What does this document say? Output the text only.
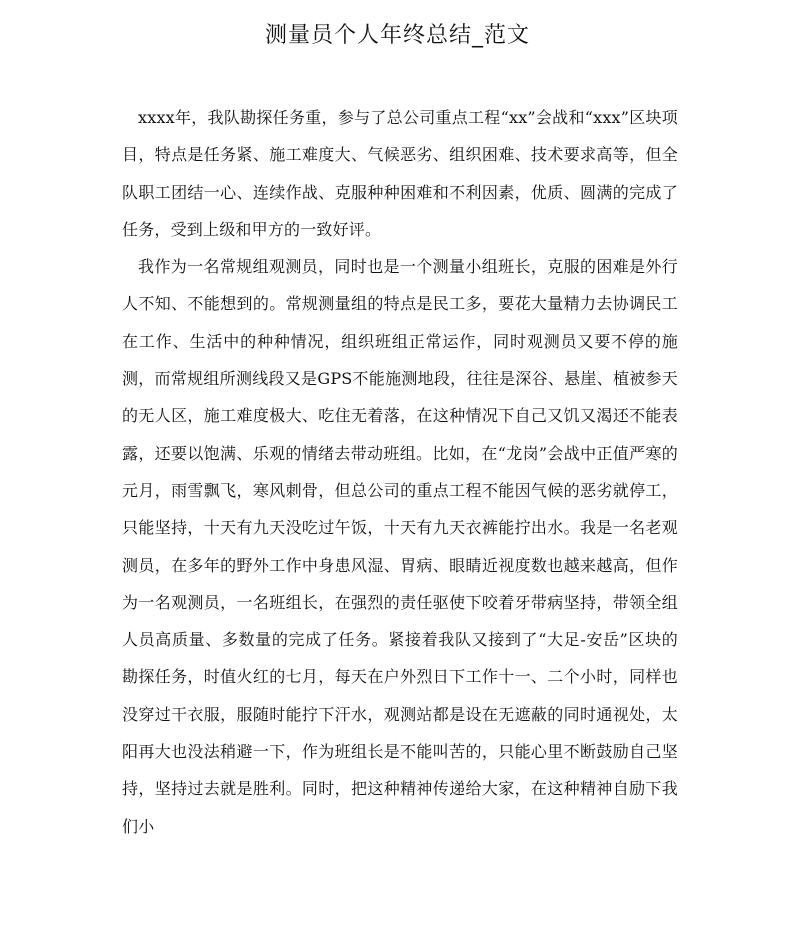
测量员个人年终总结_范文

xxxx年，我队勘探任务重，参与了总公司重点工程“xx”会战和“xxx”区块项目，特点是任务紧、施工难度大、气候恶劣、组织困难、技术要求高等，但全队职工团结一心、连续作战、克服种种困难和不利因素，优质、圆满的完成了任务，受到上级和甲方的一致好评。

我作为一名常规组观测员，同时也是一个测量小组班长，克服的困难是外行人不知、不能想到的。常规测量组的特点是民工多，要花大量精力去协调民工在工作、生活中的种种情况，组织班组正常运作，同时观测员又要不停的施测，而常规组所测线段又是GPS不能施测地段，往往是深谷、悬崖、植被参天的无人区，施工难度极大、吃住无着落，在这种情况下自己又饥又渴还不能表露，还要以饱满、乐观的情绪去带动班组。比如，在“龙岗”会战中正值严寒的元月，雨雪飘飞，寒风刺骨，但总公司的重点工程不能因气候的恶劣就停工，只能坚持，十天有九天没吃过午饭，十天有九天衣裤能拧出水。我是一名老观测员，在多年的野外工作中身患风湿、胃病、眼睛近视度数也越来越高，但作为一名观测员，一名班组长，在强烈的责任驱使下咬着牙带病坚持，带领全组人员高质量、多数量的完成了任务。紧接着我队又接到了“大足-安岳”区块的勘探任务，时值火红的七月，每天在户外烈日下工作十一、二个小时，同样也没穿过干衣服，服随时能拧下汗水，观测站都是设在无遮蔽的同时通视处，太阳再大也没法稍避一下，作为班组长是不能叫苦的，只能心里不断鼓励自己坚持，坚持过去就是胜利。同时，把这种精神传递给大家，在这种精神自励下我们小
